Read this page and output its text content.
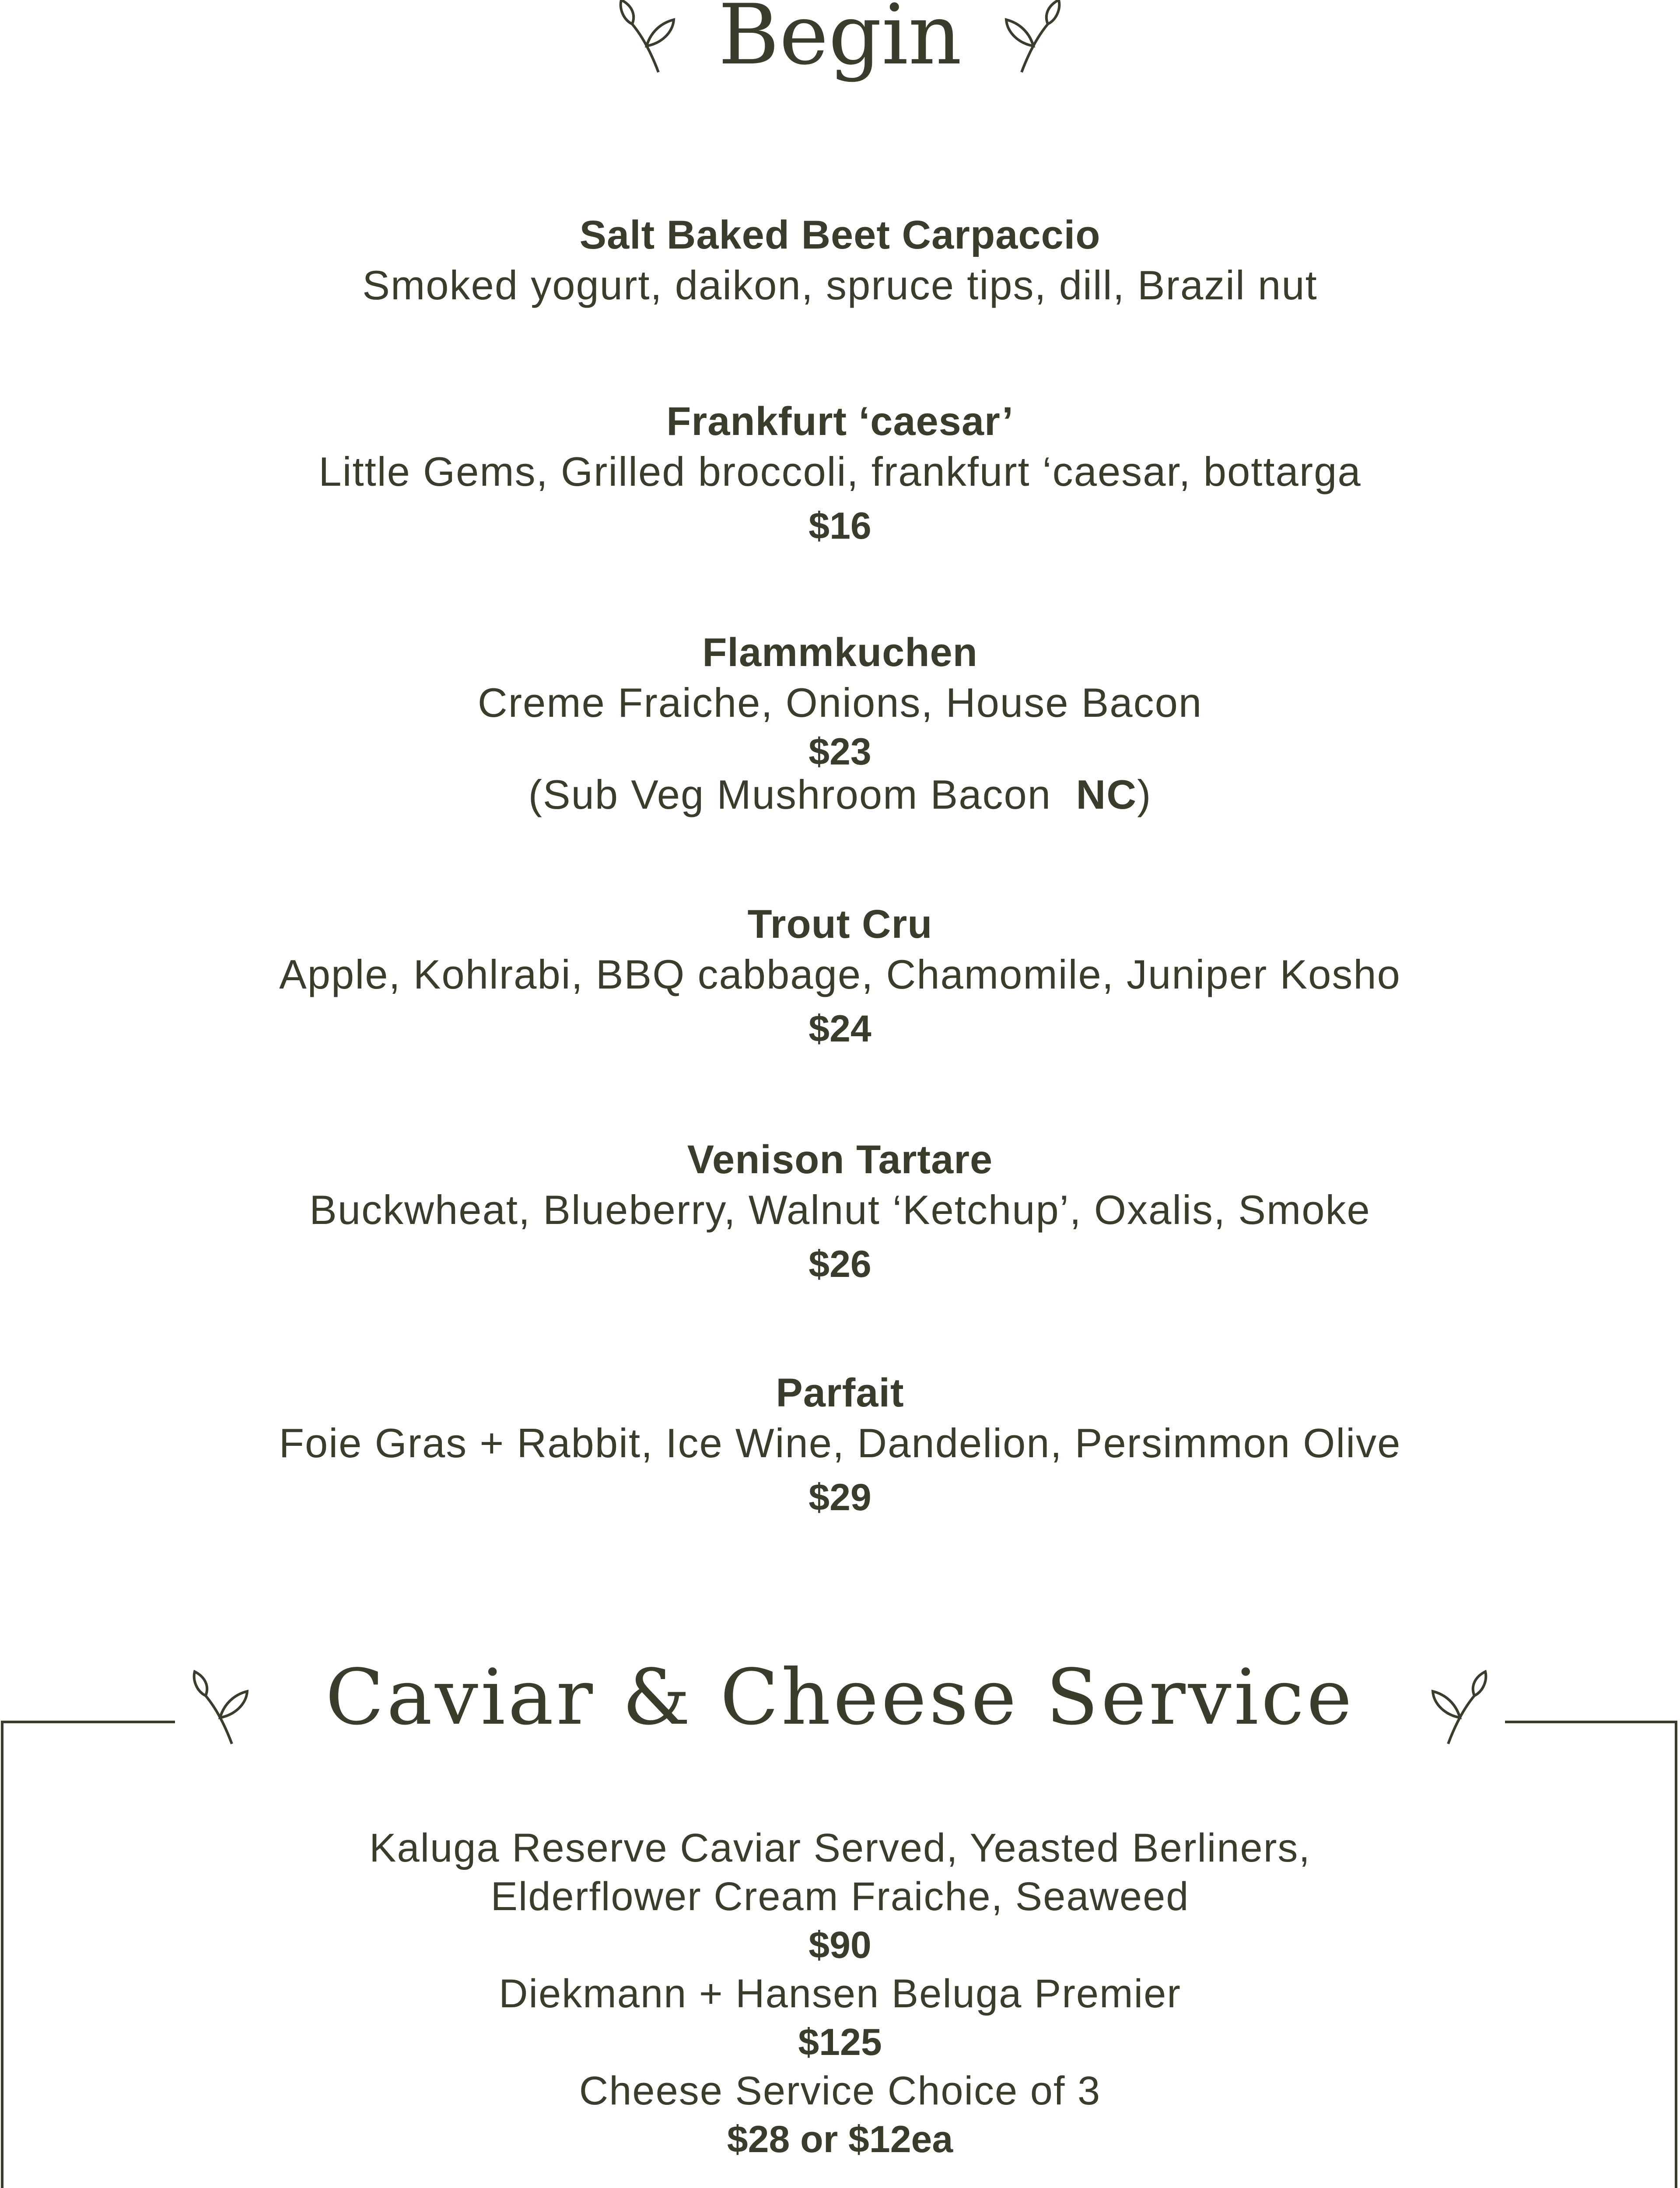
Begin
Salt Baked Beet Carpaccio
Smoked yogurt, daikon, spruce tips, dill, Brazil nut
Frankfurt ‘caesar’
Little Gems, Grilled broccoli, frankfurt ‘caesar, bottarga
$16
Flammkuchen
Creme Fraiche, Onions, House Bacon
$23
(Sub Veg Mushroom Bacon  NC)
Trout Cru
Apple, Kohlrabi, BBQ cabbage, Chamomile, Juniper Kosho
$24
Venison Tartare
Buckwheat, Blueberry, Walnut ‘Ketchup’, Oxalis, Smoke
$26
Parfait
Foie Gras + Rabbit, Ice Wine, Dandelion, Persimmon Olive
$29
Caviar & Cheese Service
Kaluga Reserve Caviar Served, Yeasted Berliners,
Elderflower Cream Fraiche, Seaweed
$90
Diekmann + Hansen Beluga Premier
$125
Cheese Service Choice of 3
$28 or $12ea
